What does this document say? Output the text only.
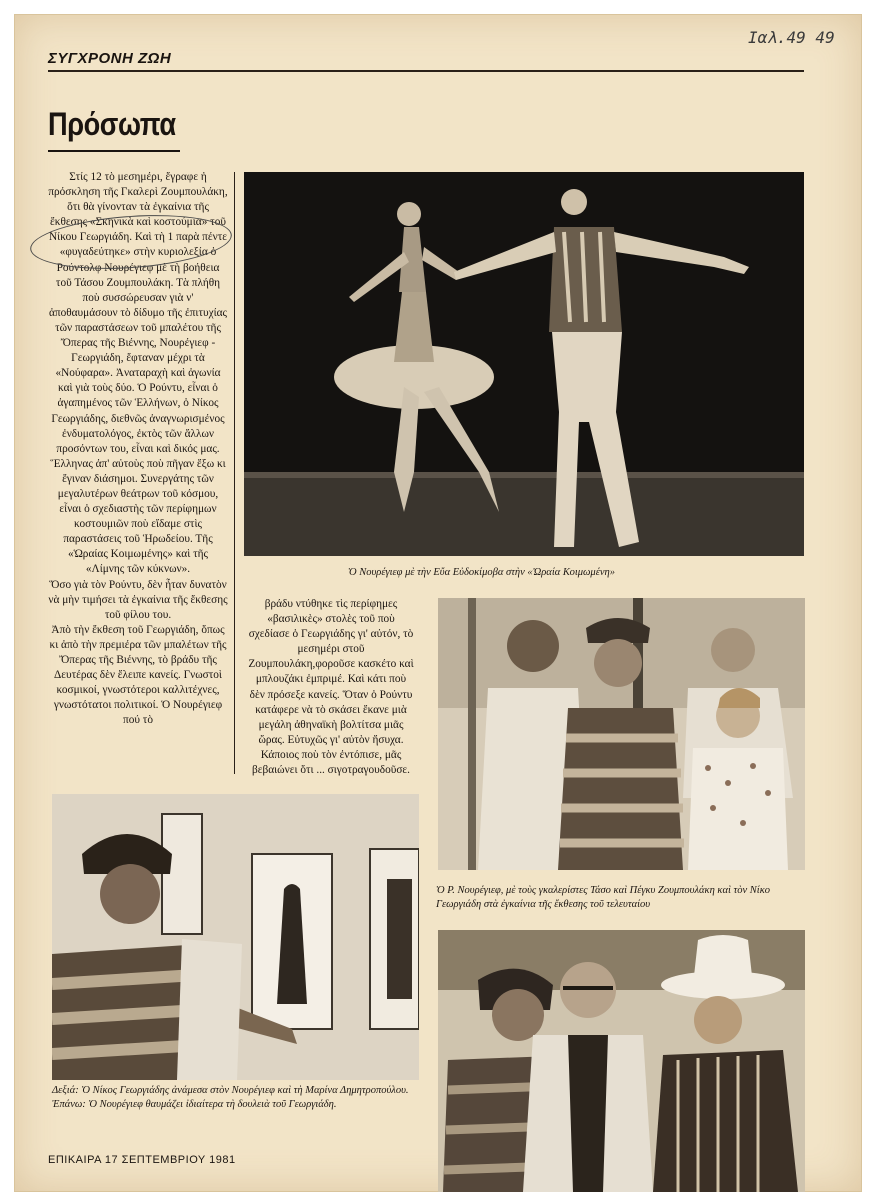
ΣΥΓΧΡΟΝΗ ΖΩΗ
Ιαλ.49 49
Πρόσωπα

Στίς 12 τὸ μεσημέρι, ἔγραφε ἡ πρόσκληση τῆς Γκαλερὶ Ζουμπουλάκη, ὅτι θὰ γίνονταν τὰ ἐγκαίνια τῆς ἔκθεσης «Σκηνικὰ καὶ κοστούμια» τοῦ Νίκου Γεωργιάδη. Καὶ τὴ 1 παρὰ πέντε «φυγαδεύτηκε» στὴν κυριολεξία ὁ Ρούντολφ Νουρέγιεφ μὲ τὴ βοήθεια τοῦ Τάσου Ζουμπουλάκη. Τὰ πλήθη ποὺ συσσώρευσαν γιὰ ν' ἀποθαυμάσουν τὸ δίδυμο τῆς ἐπιτυχίας τῶν παραστάσεων τοῦ μπαλέτου τῆς Ὄπερας τῆς Βιέννης, Νουρέγιεφ - Γεωργιάδη, ἔφταναν μέχρι τὰ «Νούφαρα». Ἀναταραχὴ καὶ ἀγωνία καὶ γιὰ τοὺς δύο. Ὁ Ρούντυ, εἶναι ὁ ἀγαπημένος τῶν Ἑλλήνων, ὁ Νίκος Γεωργιάδης, διεθνῶς ἀναγνωρισμένος ἐνδυματολόγος, ἐκτὸς τῶν ἄλλων προσόντων του, εἶναι καὶ δικός μας. Ἕλληνας ἀπ' αὐτοὺς ποὺ πῆγαν ἔξω κι ἔγιναν διάσημοι. Συνεργάτης τῶν μεγαλυτέρων θεάτρων τοῦ κόσμου, εἶναι ὁ σχεδιαστὴς τῶν περίφημων κοστουμιῶν ποὺ εἴδαμε στὶς παραστάσεις τοῦ Ἡρωδείου. Τῆς «Ὡραίας Κοιμωμένης» καὶ τῆς «Λίμνης τῶν κύκνων».

Ὅσο γιὰ τὸν Ρούντυ, δὲν ἦταν δυνατὸν νὰ μὴν τιμήσει τὰ ἐγκαίνια τῆς ἔκθεσης τοῦ φίλου του.

Ἀπὸ τὴν ἔκθεση τοῦ Γεωργιάδη, ὅπως κι ἀπὸ τὴν πρεμιέρα τῶν μπαλέτων τῆς Ὄπερας τῆς Βιέννης, τὸ βράδυ τῆς Δευτέρας δὲν ἔλειπε κανείς. Γνωστοὶ κοσμικοί, γνωστότεροι καλλιτέχνες, γνωστότατοι πολιτικοί. Ὁ Νουρέγιεφ πού τὸ

Ὁ Νουρέγιεφ μὲ τὴν Εὔα Εὐδοκίμοβα στὴν «Ὡραία Κοιμωμένη»

βράδυ ντύθηκε τὶς περίφημες «βασιλικὲς» στολὲς τοῦ ποὺ σχεδίασε ὁ Γεωργιάδης γι' αὐτόν, τὸ μεσημέρι στοῦ Ζουμπουλάκη,φοροῦσε κασκέτο καὶ μπλουζάκι ἐμπριμέ. Καὶ κάτι ποὺ δὲν πρόσεξε κανείς. Ὅταν ὁ Ρούντυ κατάφερε νὰ τὸ σκάσει ἔκανε μιὰ μεγάλη ἀθηναϊκὴ βολτίτσα μιᾶς ὥρας. Εὐτυχῶς γι' αὐτὸν ἥσυχα. Κάποιος ποὺ τὸν ἐντόπισε, μᾶς βεβαιώνει ὅτι ... σιγοτραγουδοῦσε.

Ὁ Ρ. Νουρέγιεφ, μὲ τοὺς γκαλερίστες Τάσο καὶ Πέγκυ Ζουμπουλάκη καὶ τὸν Νίκο Γεωργιάδη στὰ ἐγκαίνια τῆς ἔκθεσης τοῦ τελευταίου
Δεξιά: Ὁ Νίκος Γεωργιάδης ἀνάμεσα στὸν Νουρέγιεφ καὶ τὴ Μαρίνα Δημητροπούλου. Ἐπάνω: Ὁ Νουρέγιεφ θαυμάζει ἰδιαίτερα τὴ δουλειὰ τοῦ Γεωργιάδη.
ΕΠΙΚΑΙΡΑ 17 ΣΕΠΤΕΜΒΡΙΟΥ 1981
